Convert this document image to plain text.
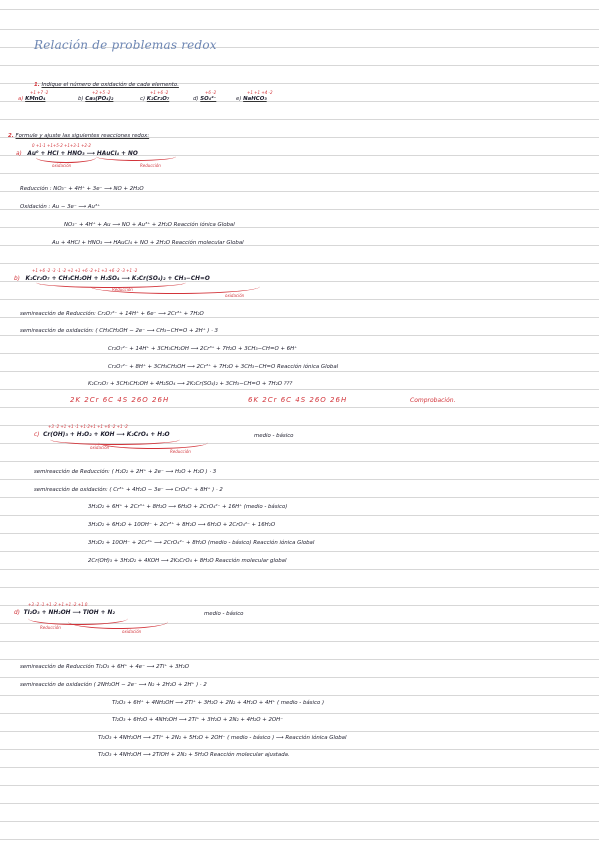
Relación de problemas redox
1. Indique el número de oxidación de cada elemento.
+1 +7 -2
a) KMnO₄
+2 +5 -2
b) Ca₃(PO₄)₂
+1 +6 -2
c) K₂Cr₂O₇
+6 -2
d) SO₄²⁻
+1 +1 +4 -2
e) NaHCO₃
2. Formule y ajuste las siguientes reacciones redox:
0 +1-1 +1+5-2 +1+3-1 +2-2
a) Au⁰ + HCl + HNO₃ ⟶ HAuCl₄ + NO
oxidación	Reducción
Reducción : NO₃⁻ + 4H⁺ + 3e⁻ ⟶ NO + 2H₂O
Oxidación : Au − 3e⁻ ⟶ Au³⁺
NO₃⁻ + 4H⁺ + Au ⟶ NO + Au³⁺ + 2H₂O Reacción iónica Global
Au + 4HCl + HNO₃ ⟶ HAuCl₄ + NO + 2H₂O Reacción molecular Global
+1 +6 -2 -3 -1 -2 +1 +1 +6 -2 +1 +3 +6 -2 -3 +1 -2
b) K₂Cr₂O₇ + CH₃CH₂OH + H₂SO₄ ⟶ K₂Cr(SO₄)₂ + CH₃−CH=O
Reducción
oxidación
semireacción de Reducción: Cr₂O₇²⁻ + 14H⁺ + 6e⁻ ⟶ 2Cr³⁺ + 7H₂O
semireacción de oxidación: ( CH₃CH₂OH − 2e⁻ ⟶ CH₃−CH=O + 2H⁺ ) · 3
Cr₂O₇²⁻ + 14H⁺ + 3CH₃CH₂OH ⟶ 2Cr³⁺ + 7H₂O + 3CH₃−CH=O + 6H⁺
Cr₂O₇²⁻ + 8H⁺ + 3CH₃CH₂OH ⟶ 2Cr³⁺ + 7H₂O + 3CH₃−CH=O Reacción iónica Global
K₂Cr₂O₇ + 3CH₃CH₂OH + 4H₂SO₄ ⟶ 2K₂Cr(SO₄)₂ + 3CH₃−CH=O + 7H₂O ???
2K 2Cr 6C 4S 26O 26H	6K 2Cr 6C 4S 26O 26H	Comprobación.
+3 -2 +1 +1 -1 +1-2+1 +1 +6 -2 +1 -2
c) Cr(OH)₃ + H₂O₂ + KOH ⟶ K₂CrO₄ + H₂O	medio - básico
oxidación
Reducción
semireacción de Reducción: ( H₂O₂ + 2H⁺ + 2e⁻ ⟶ H₂O + H₂O ) · 3
semireacción de oxidación: ( Cr³⁺ + 4H₂O − 3e⁻ ⟶ CrO₄²⁻ + 8H⁺ ) · 2
3H₂O₂ + 6H⁺ + 2Cr³⁺ + 8H₂O ⟶ 6H₂O + 2CrO₄²⁻ + 16H⁺ (medio - básico)
3H₂O₂ + 6H₂O + 10OH⁻ + 2Cr³⁺ + 8H₂O ⟶ 6H₂O + 2CrO₄²⁻ + 16H₂O
3H₂O₂ + 10OH⁻ + 2Cr³⁺ ⟶ 2CrO₄²⁻ + 8H₂O (medio - básico) Reacción iónica Global
2Cr(OH)₃ + 3H₂O₂ + 4KOH ⟶ 2K₂CrO₄ + 8H₂O Reacción molecular global
+3 -2 -1 +1 -2 +1 +1 -2 +1 0
d) Tl₂O₃ + NH₂OH ⟶ TlOH + N₂	medio - básico
Reducción
oxidación
semireacción de Reducción Tl₂O₃ + 6H⁺ + 4e⁻ ⟶ 2Tl⁺ + 3H₂O
semireacción de oxidación ( 2NH₂OH − 2e⁻ ⟶ N₂ + 2H₂O + 2H⁺ ) · 2
Tl₂O₃ + 6H⁺ + 4NH₂OH ⟶ 2Tl⁺ + 3H₂O + 2N₂ + 4H₂O + 4H⁺ ( medio - básico )
Tl₂O₃ + 6H₂O + 4NH₂OH ⟶ 2Tl⁺ + 3H₂O + 2N₂ + 4H₂O + 2OH⁻
Tl₂O₃ + 4NH₂OH ⟶ 2Tl⁺ + 2N₂ + 5H₂O + 2OH⁻ ( medio - básico ) ⟶ Reacción iónica Global
Tl₂O₃ + 4NH₂OH ⟶ 2TlOH + 2N₂ + 5H₂O Reacción molecular ajustada.
